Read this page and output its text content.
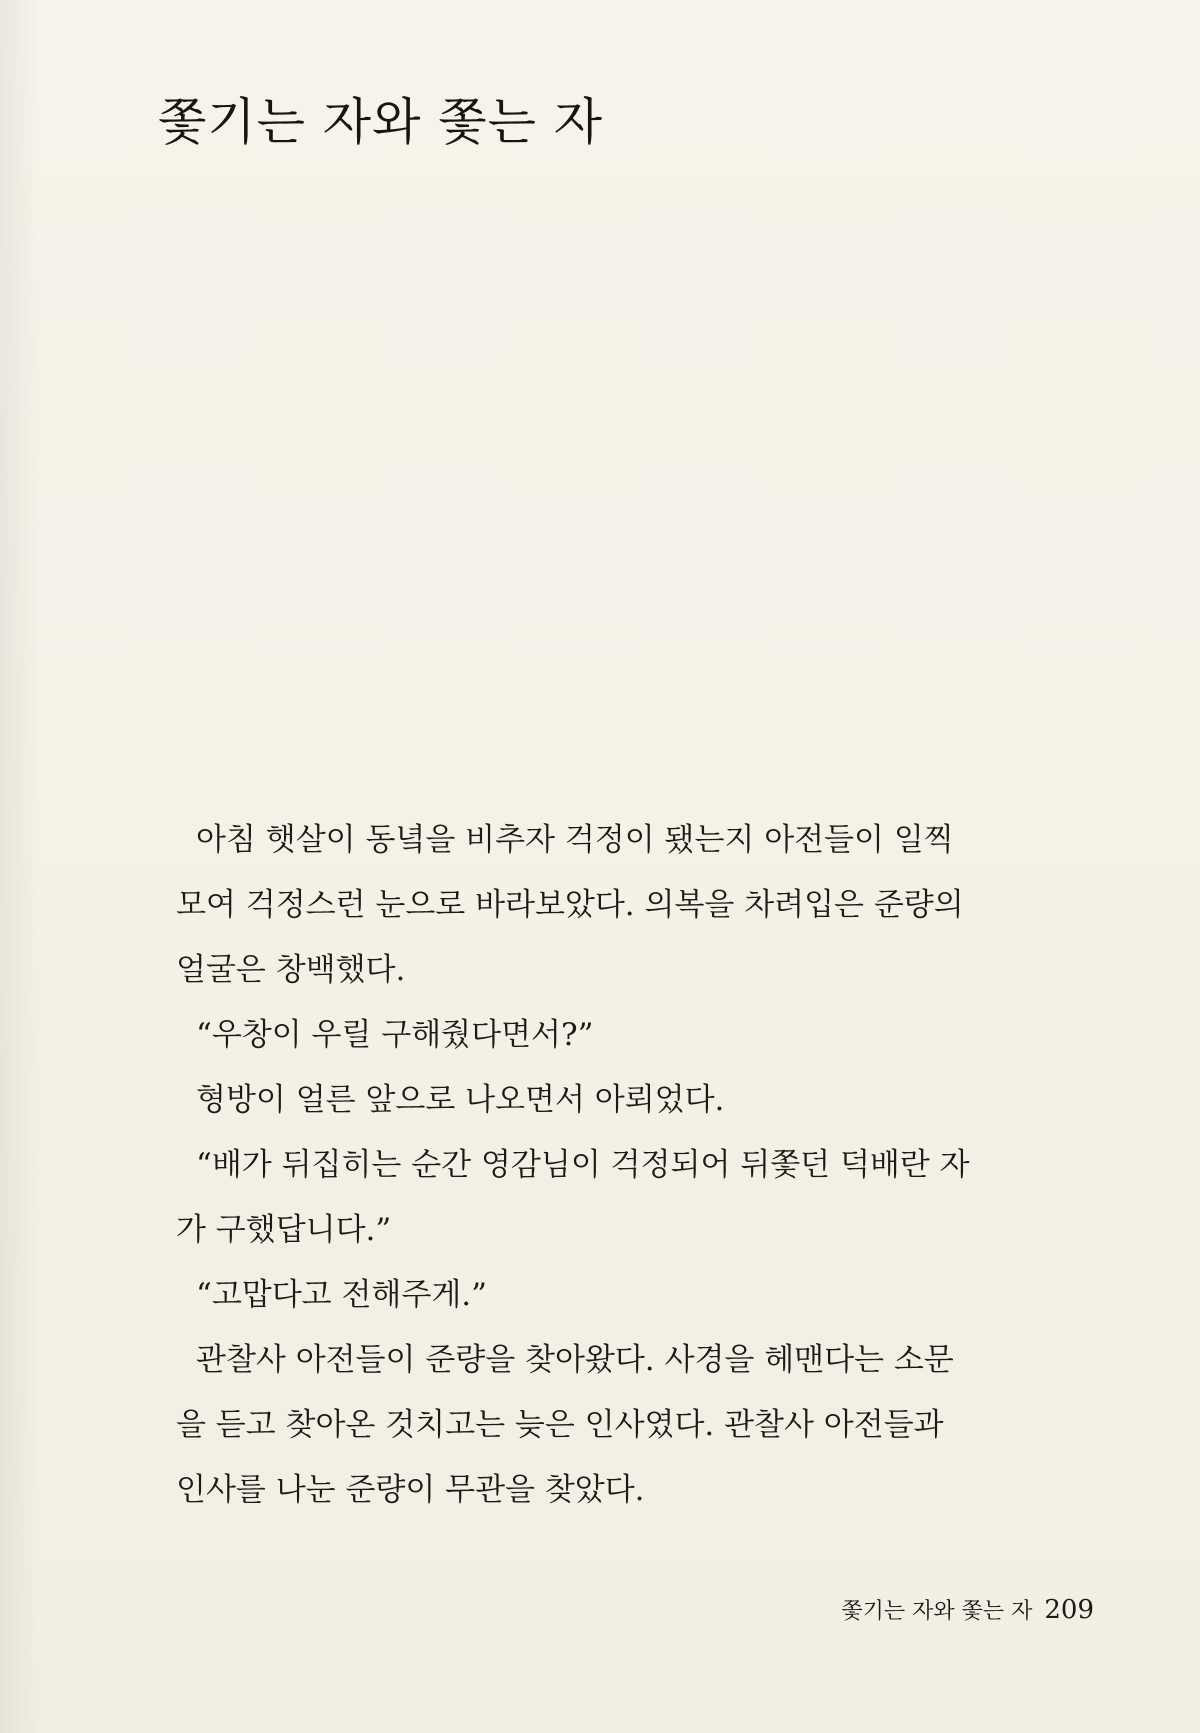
쫓기는 자와 쫓는 자

아침 햇살이 동녘을 비추자 걱정이 됐는지 아전들이 일찍

모여 걱정스런 눈으로 바라보았다. 의복을 차려입은 준량의

얼굴은 창백했다.

“우창이 우릴 구해줬다면서?”

형방이 얼른 앞으로 나오면서 아뢰었다.

“배가 뒤집히는 순간 영감님이 걱정되어 뒤쫓던 덕배란 자

가 구했답니다.”

“고맙다고 전해주게.”

관찰사 아전들이 준량을 찾아왔다. 사경을 헤맨다는 소문

을 듣고 찾아온 것치고는 늦은 인사였다. 관찰사 아전들과

인사를 나눈 준량이 무관을 찾았다.

쫓기는 자와 쫓는 자 209
